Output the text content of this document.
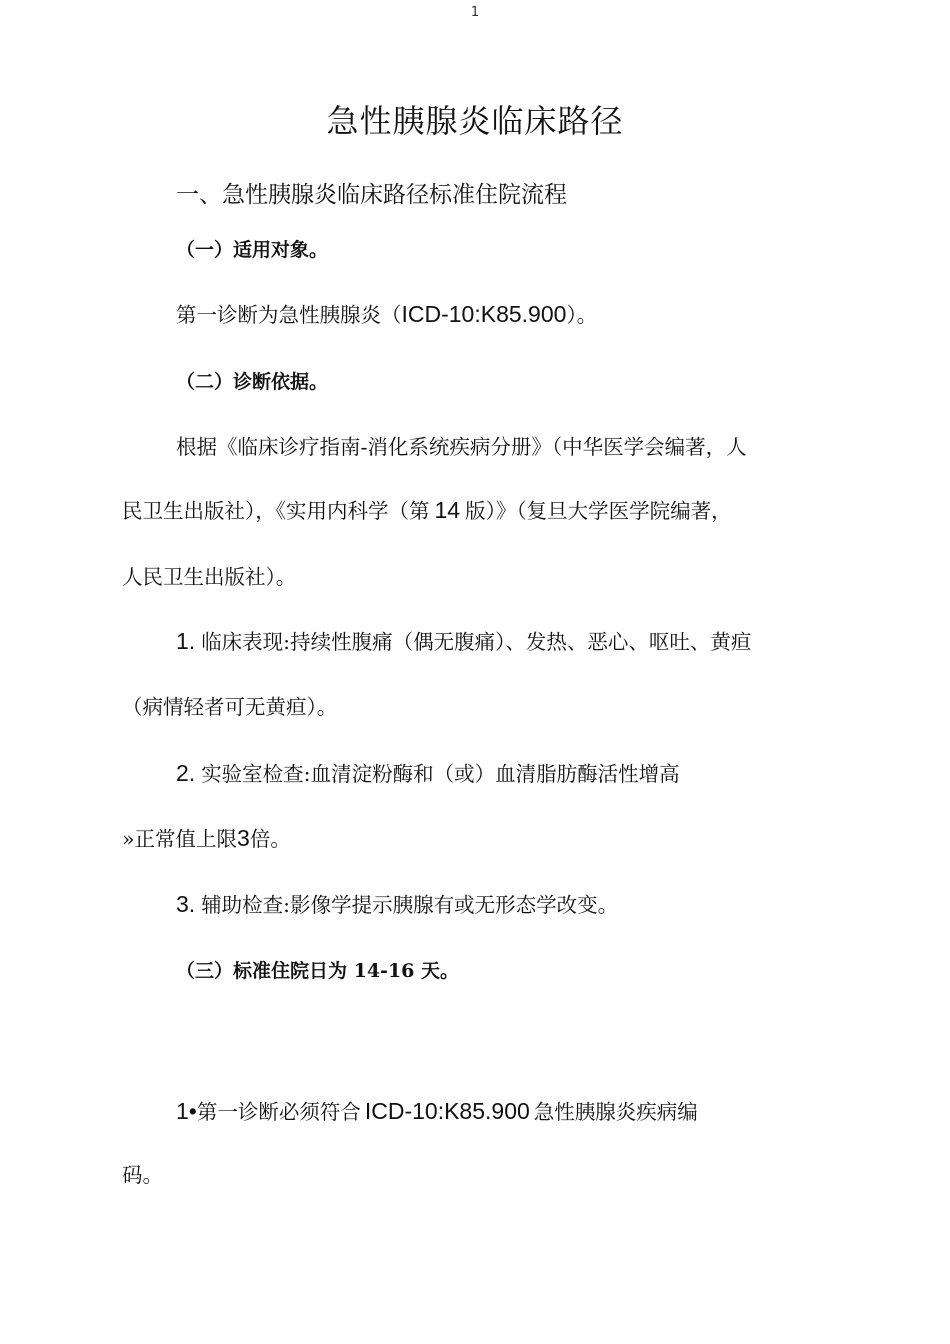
1
急性胰腺炎临床路径
一、急性胰腺炎临床路径标准住院流程
（一）适用对象。
第一诊断为急性胰腺炎（ICD-10:K85.900）。
（二）诊断依据。
根据《临床诊疗指南-消化系统疾病分册》（中华医学会编著，人
民卫生出版社），《实用内科学（第 14 版）》（复旦大学医学院编著，
人民卫生出版社）。
1. 临床表现:持续性腹痛（偶无腹痛）、发热、恶心、呕吐、黄疸
（病情轻者可无黄疸）。
2. 实验室检查:血清淀粉酶和（或）血清脂肪酶活性增高
»正常值上限3倍。
3. 辅助检查:影像学提示胰腺有或无形态学改变。
（三）标准住院日为 14-16 天。
1•第一诊断必须符合 ICD-10:K85.900 急性胰腺炎疾病编
码。
